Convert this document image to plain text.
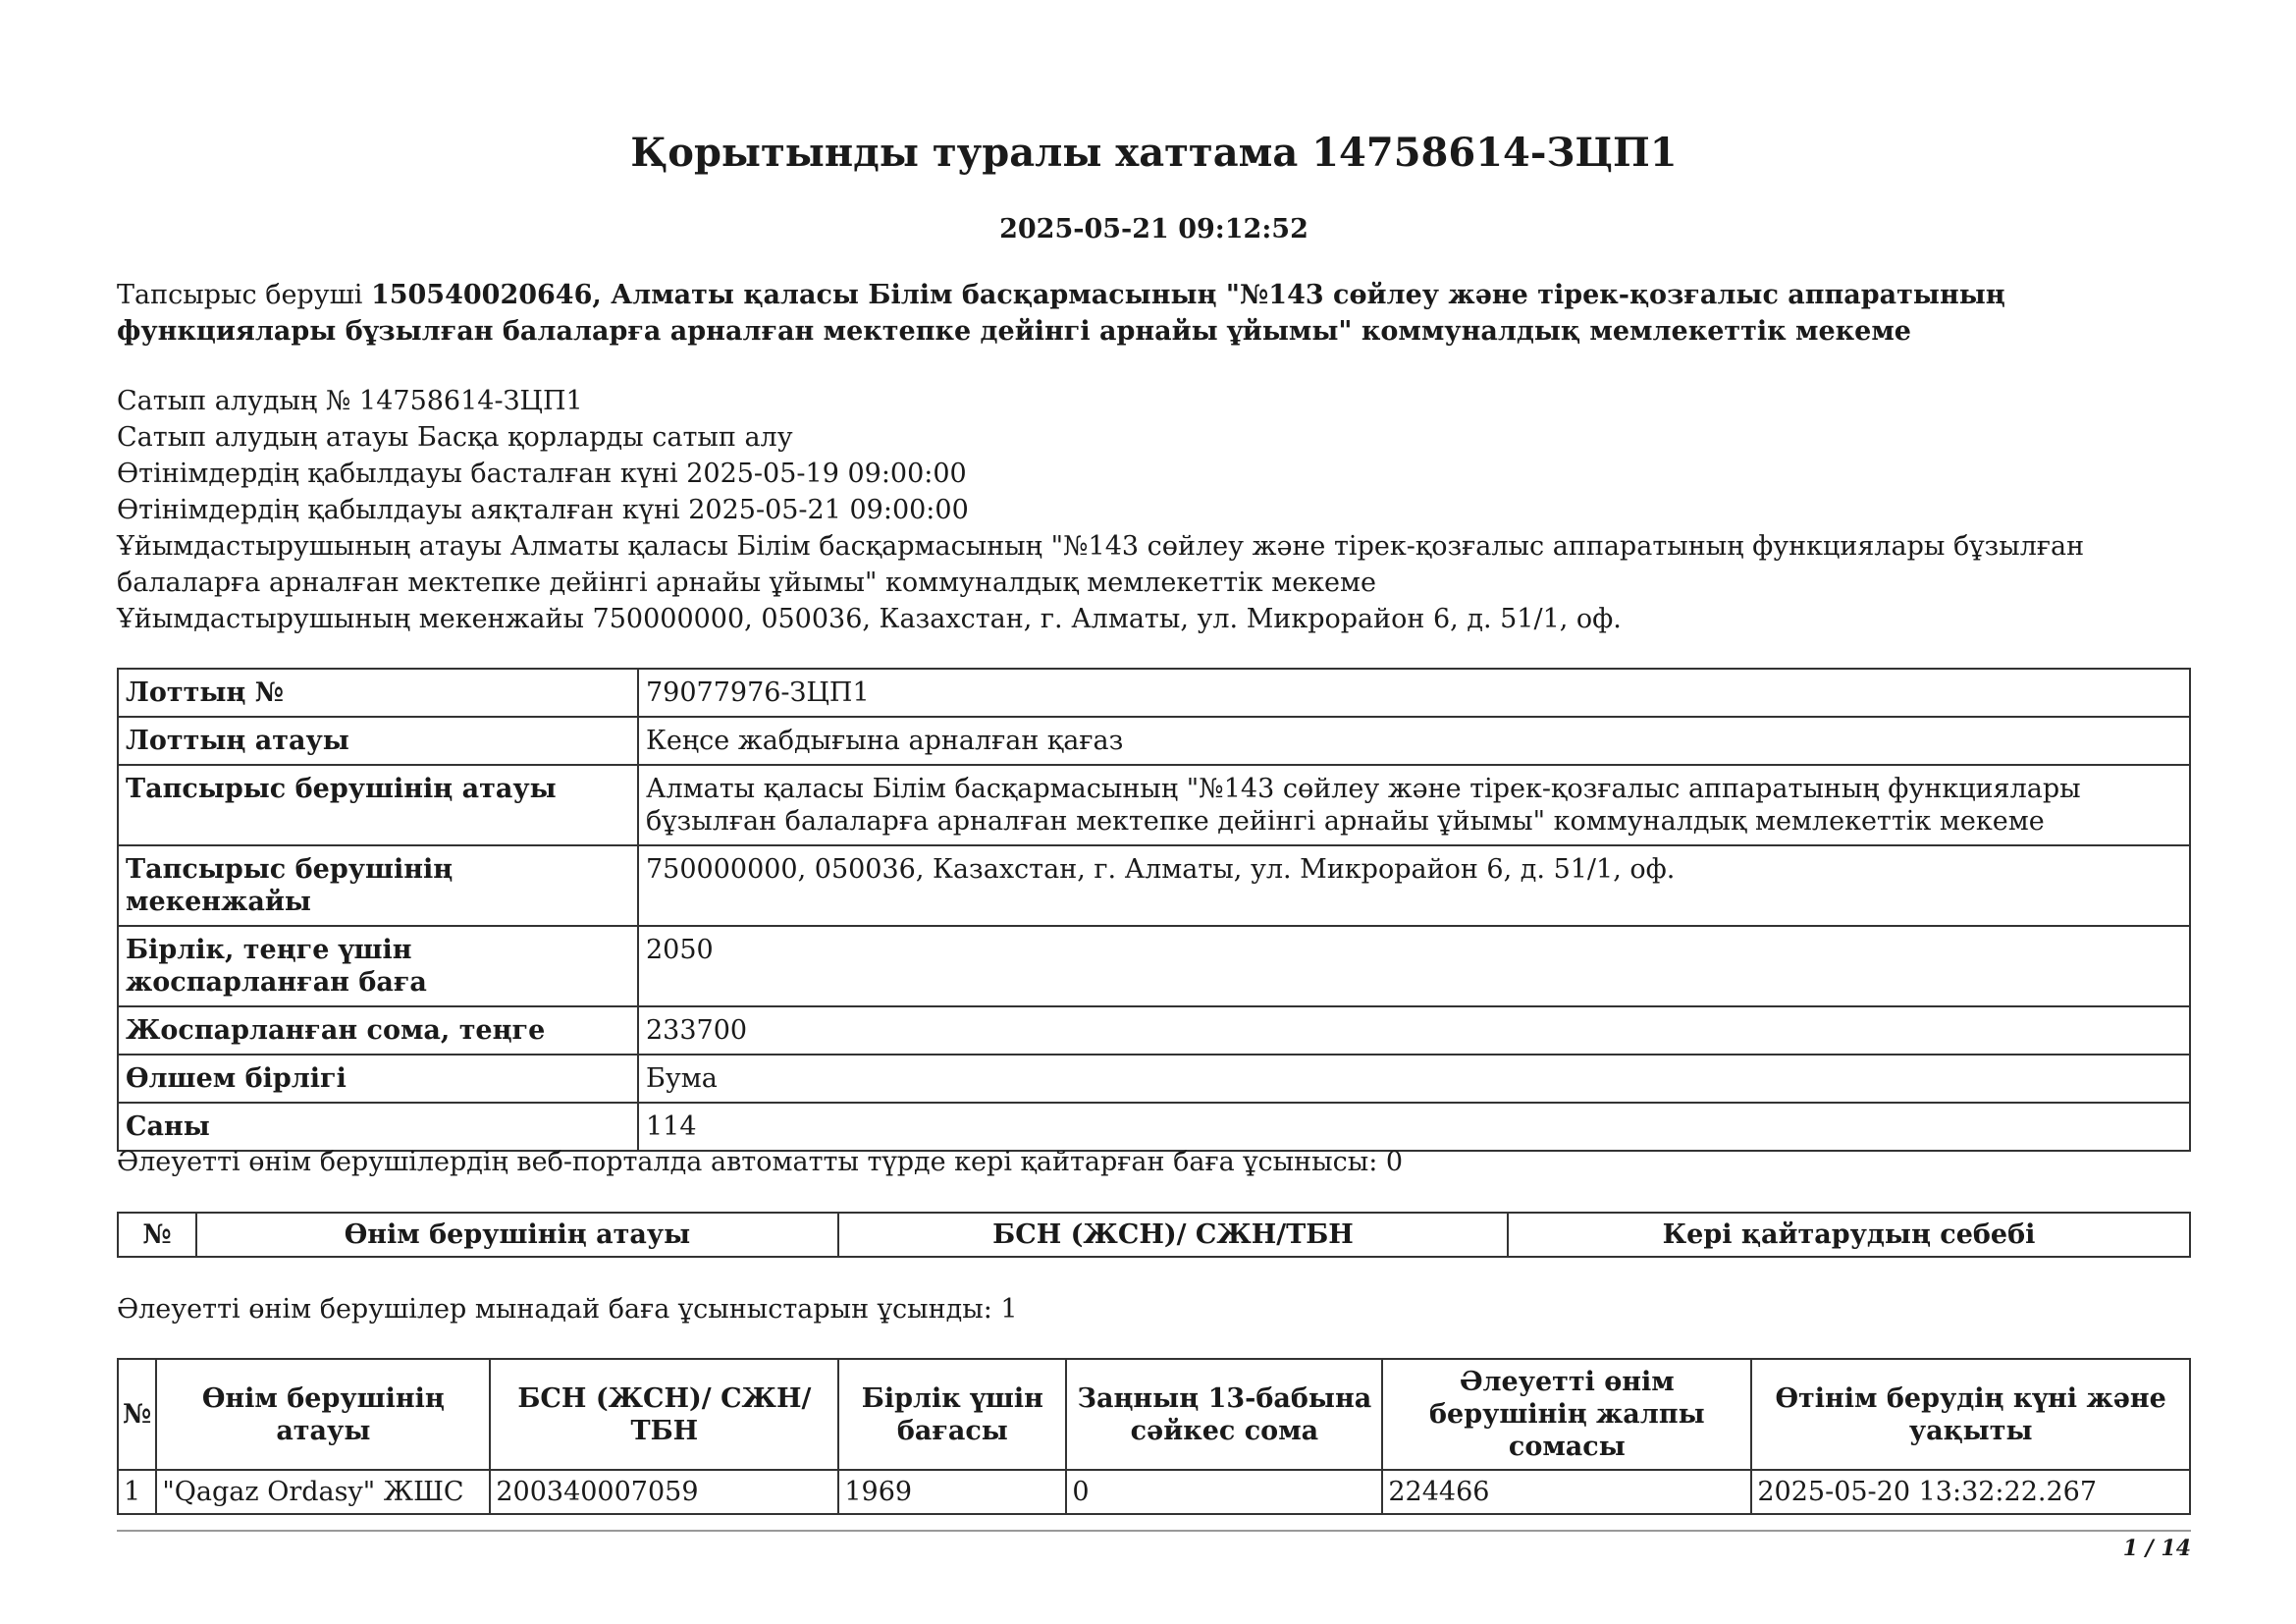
Қорытынды туралы хаттама 14758614-ЗЦП1
2025-05-21 09:12:52
Тапсырыс беруші 150540020646, Алматы қаласы Білім басқармасының "№143 сөйлеу және тірек-қозғалыс аппаратының функциялары бұзылған балаларға арналған мектепке дейінгі арнайы ұйымы" коммуналдық мемлекеттік мекеме
Сатып алудың № 14758614-ЗЦП1
Сатып алудың атауы Басқа қорларды сатып алу
Өтінімдердің қабылдауы басталған күні 2025-05-19 09:00:00
Өтінімдердің қабылдауы аяқталған күні 2025-05-21 09:00:00
Ұйымдастырушының атауы Алматы қаласы Білім басқармасының "№143 сөйлеу және тірек-қозғалыс аппаратының функциялары бұзылған балаларға арналған мектепке дейінгі арнайы ұйымы" коммуналдық мемлекеттік мекеме
Ұйымдастырушының мекенжайы 750000000, 050036, Казахстан, г. Алматы, ул. Микрорайон 6, д. 51/1, оф.
Лоттың №	79077976-ЗЦП1
Лоттың атауы	Кеңсе жабдығына арналған қағаз
Тапсырыс берушінің атауы	Алматы қаласы Білім басқармасының "№143 сөйлеу және тірек-қозғалыс аппаратының функциялары бұзылған балаларға арналған мектепке дейінгі арнайы ұйымы" коммуналдық мемлекеттік мекеме
Тапсырыс берушінің мекенжайы	750000000, 050036, Казахстан, г. Алматы, ул. Микрорайон 6, д. 51/1, оф.
Бірлік, теңге үшін жоспарланған баға	2050
Жоспарланған сома, теңге	233700
Өлшем бірлігі	Бума
Саны	114
Әлеуетті өнім берушілердің веб-порталда автоматты түрде кері қайтарған баға ұсынысы: 0
№	Өнім берушінің атауы	БСН (ЖСН)/ СЖН/ТБН	Кері қайтарудың себебі
Әлеуетті өнім берушілер мынадай баға ұсыныстарын ұсынды: 1
№	Өнім берушінің атауы	БСН (ЖСН)/ СЖН/ТБН	Бірлік үшін бағасы	Заңның 13-бабына сәйкес сома	Әлеуетті өнім берушінің жалпы сомасы	Өтінім берудің күні және уақыты
1	"Qagaz Ordasy" ЖШС	200340007059	1969	0	224466	2025-05-20 13:32:22.267
1 / 14
